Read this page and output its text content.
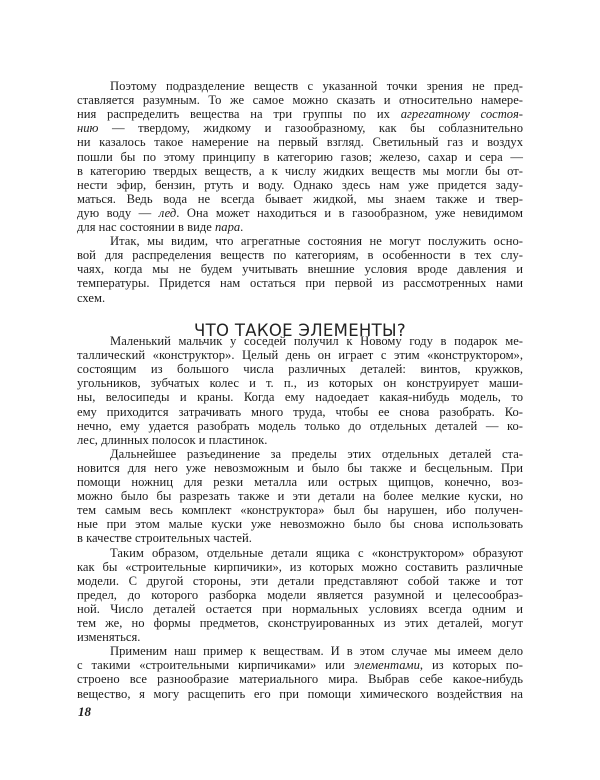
Поэтому подразделение веществ с указанной точки зрения не пред-
ставляется разумным. То же самое можно сказать и относительно намере-
ния распределить вещества на три группы по их агрегатному состоя-
нию — твердому, жидкому и газообразному, как бы соблазнительно
ни казалось такое намерение на первый взгляд. Светильный газ и воздух
пошли бы по этому принципу в категорию газов; железо, сахар и сера —
в категорию твердых веществ, а к числу жидких веществ мы могли бы от-
нести эфир, бензин, ртуть и воду. Однако здесь нам уже придется заду-
маться. Ведь вода не всегда бывает жидкой, мы знаем также и твер-
дую воду — лед. Она может находиться и в газообразном, уже невидимом
для нас состоянии в виде пара.
Итак, мы видим, что агрегатные состояния не могут послужить осно-
вой для распределения веществ по категориям, в особенности в тех слу-
чаях, когда мы не будем учитывать внешние условия вроде давления и
температуры. Придется нам остаться при первой из рассмотренных нами
схем.
ЧТО ТАКОЕ ЭЛЕМЕНТЫ?
Маленький мальчик у соседей получил к Новому году в подарок ме-
таллический «конструктор». Целый день он играет с этим «конструктором»,
состоящим из большого числа различных деталей: винтов, кружков,
угольников, зубчатых колес и т. п., из которых он конструирует маши-
ны, велосипеды и краны. Когда ему надоедает какая-нибудь модель, то
ему приходится затрачивать много труда, чтобы ее снова разобрать. Ко-
нечно, ему удается разобрать модель только до отдельных деталей — ко-
лес, длинных полосок и пластинок.
Дальнейшее разъединение за пределы этих отдельных деталей ста-
новится для него уже невозможным и было бы также и бесцельным. При
помощи ножниц для резки металла или острых щипцов, конечно, воз-
можно было бы разрезать также и эти детали на более мелкие куски, но
тем самым весь комплект «конструктора» был бы нарушен, ибо получен-
ные при этом малые куски уже невозможно было бы снова использовать
в качестве строительных частей.
Таким образом, отдельные детали ящика с «конструктором» образуют
как бы «строительные кирпичики», из которых можно составить различные
модели. С другой стороны, эти детали представляют собой также и тот
предел, до которого разборка модели является разумной и целесообраз-
ной. Число деталей остается при нормальных условиях всегда одним и
тем же, но формы предметов, сконструированных из этих деталей, могут
изменяться.
Применим наш пример к веществам. И в этом случае мы имеем дело
с такими «строительными кирпичиками» или элементами, из которых по-
строено все разнообразие материального мира. Выбрав себе какое-нибудь
вещество, я могу расщепить его при помощи химического воздействия на
18
